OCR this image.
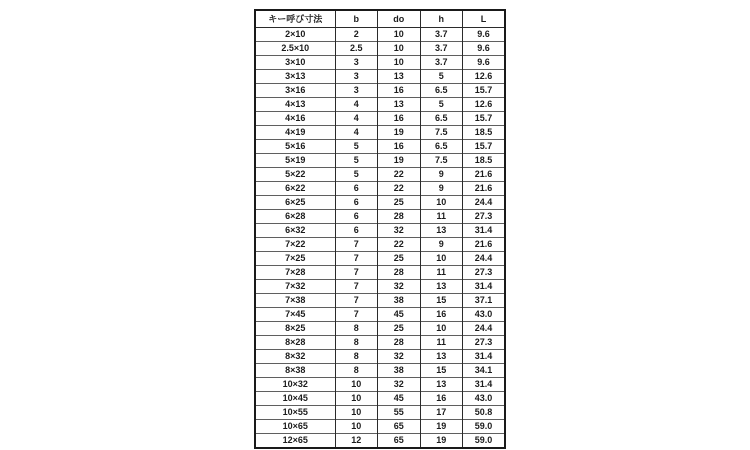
キー呼び寸法	b	do	h	L
2×10	2	10	3.7	9.6
2.5×10	2.5	10	3.7	9.6
3×10	3	10	3.7	9.6
3×13	3	13	5	12.6
3×16	3	16	6.5	15.7
4×13	4	13	5	12.6
4×16	4	16	6.5	15.7
4×19	4	19	7.5	18.5
5×16	5	16	6.5	15.7
5×19	5	19	7.5	18.5
5×22	5	22	9	21.6
6×22	6	22	9	21.6
6×25	6	25	10	24.4
6×28	6	28	11	27.3
6×32	6	32	13	31.4
7×22	7	22	9	21.6
7×25	7	25	10	24.4
7×28	7	28	11	27.3
7×32	7	32	13	31.4
7×38	7	38	15	37.1
7×45	7	45	16	43.0
8×25	8	25	10	24.4
8×28	8	28	11	27.3
8×32	8	32	13	31.4
8×38	8	38	15	34.1
10×32	10	32	13	31.4
10×45	10	45	16	43.0
10×55	10	55	17	50.8
10×65	10	65	19	59.0
12×65	12	65	19	59.0
